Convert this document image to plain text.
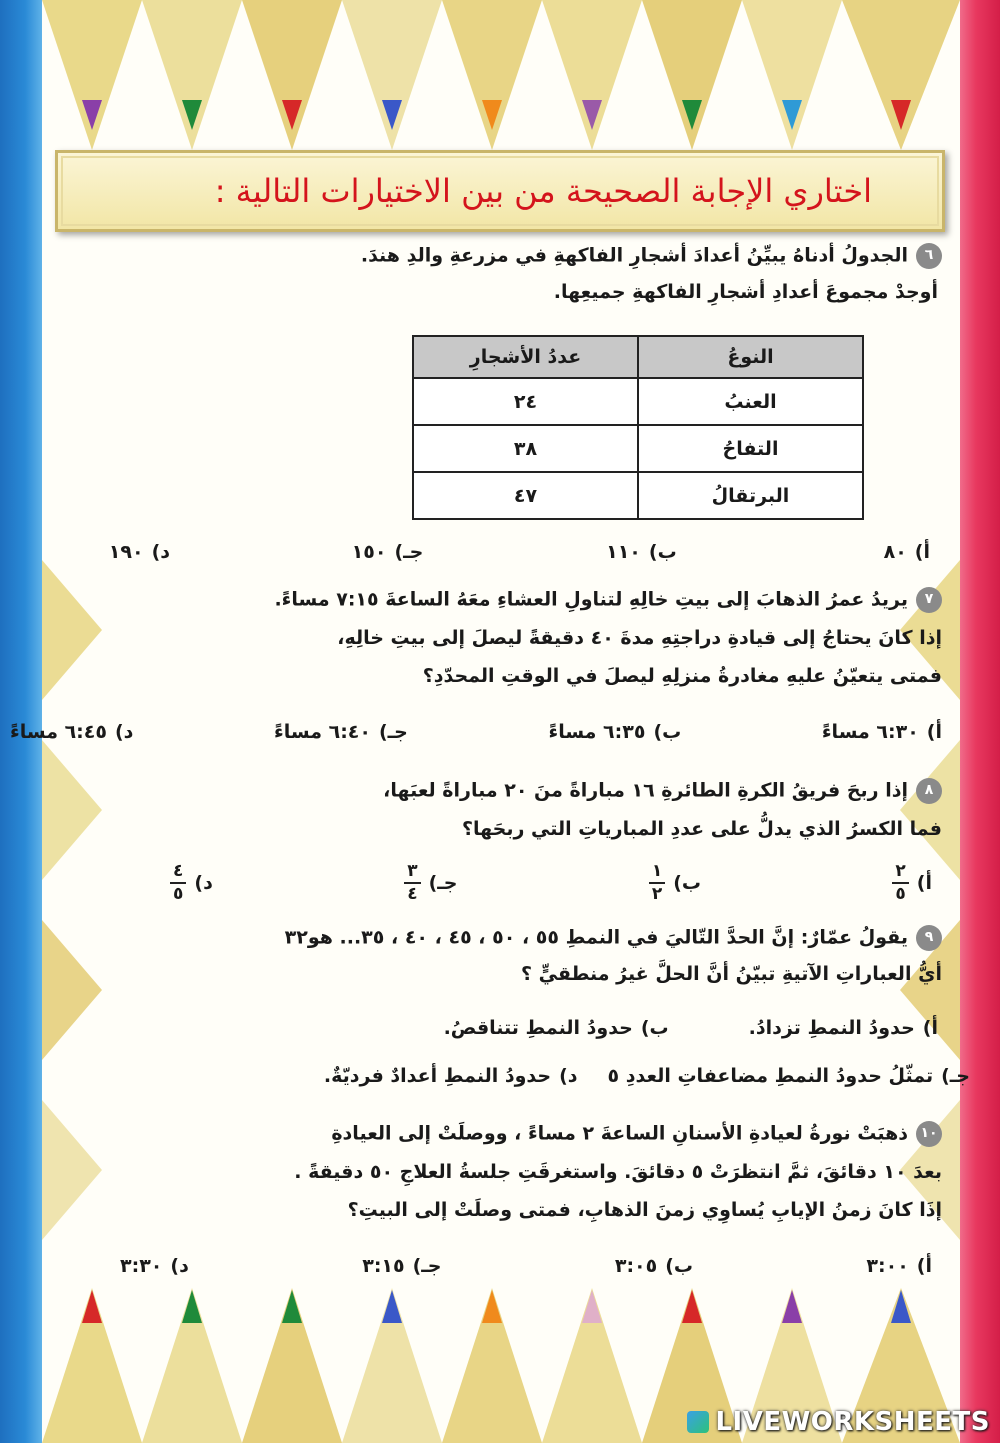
اختاري الإجابة الصحيحة من بين الاختيارات التالية :
٦الجدولُ أدناهُ يبيِّنُ أعدادَ أشجارِ الفاكهةِ في مزرعةِ والدِ هندَ.
أوجدْ مجموعَ أعدادِ أشجارِ الفاكهةِ جميعِها.
النوعُ	عددُ الأشجارِ
العنبُ	٢٤
التفاحُ	٣٨
البرتقالُ	٤٧
أ)
٨٠
ب)
١١٠
جـ)
١٥٠
د)
١٩٠
٧يريدُ عمرُ الذهابَ إلى بيتِ خالِهِ لتناولِ العشاءِ معَهُ الساعةَ ٧:١٥ مساءً.
إذا كانَ يحتاجُ إلى قيادةِ دراجتِهِ مدةَ ٤٠ دقيقةً ليصلَ إلى بيتِ خالِهِ،
فمتى يتعيّنُ عليهِ مغادرةُ منزلِهِ ليصلَ في الوقتِ المحدّدِ؟
أ)
٦:٣٠ مساءً
ب)
٦:٣٥ مساءً
جـ)
٦:٤٠ مساءً
د)
٦:٤٥ مساءً
٨إذا ربحَ فريقُ الكرةِ الطائرةِ ١٦ مباراةً منَ ٢٠ مباراةً لعبَها،
فما الكسرُ الذي يدلُّ على عددِ المبارياتِ التي ربحَها؟
أ)
$\frac{٢}{٥}$
ب)
$\frac{١}{٢}$
جـ)
$\frac{٣}{٤}$
د)
$\frac{٤}{٥}$
٩يقولُ عمّارٌ: إنَّ الحدَّ التّاليَ في النمطِ ٥٥ ، ٥٠ ، ٤٥ ، ٤٠ ، ٣٥... هو٣٢
أيُّ العباراتِ الآتيةِ تبيّنُ أنَّ الحلَّ غيرُ منطقيٍّ ؟
أ)
حدودُ النمطِ تزدادُ.
ب)
حدودُ النمطِ تتناقصُ.
جـ)
تمثّلُ حدودُ النمطِ مضاعفاتِ العددِ ٥
د)
حدودُ النمطِ أعدادٌ فرديّةٌ.
١٠ذهبَتْ نورةُ لعيادةِ الأسنانِ الساعةَ ٢ مساءً ، ووصلَتْ إلى العيادةِ
بعدَ ١٠ دقائقَ، ثمَّ انتظرَتْ ٥ دقائقَ. واستغرقَتِ جلسةُ العلاجِ ٥٠ دقيقةً .
إذَا كانَ زمنُ الإيابِ يُساوِي زمنَ الذهابِ، فمتى وصلَتْ إلى البيتِ؟
أ)
٣:٠٠
ب)
٣:٠٥
جـ)
٣:١٥
د)
٣:٣٠
LIVEWORKSHEETS
